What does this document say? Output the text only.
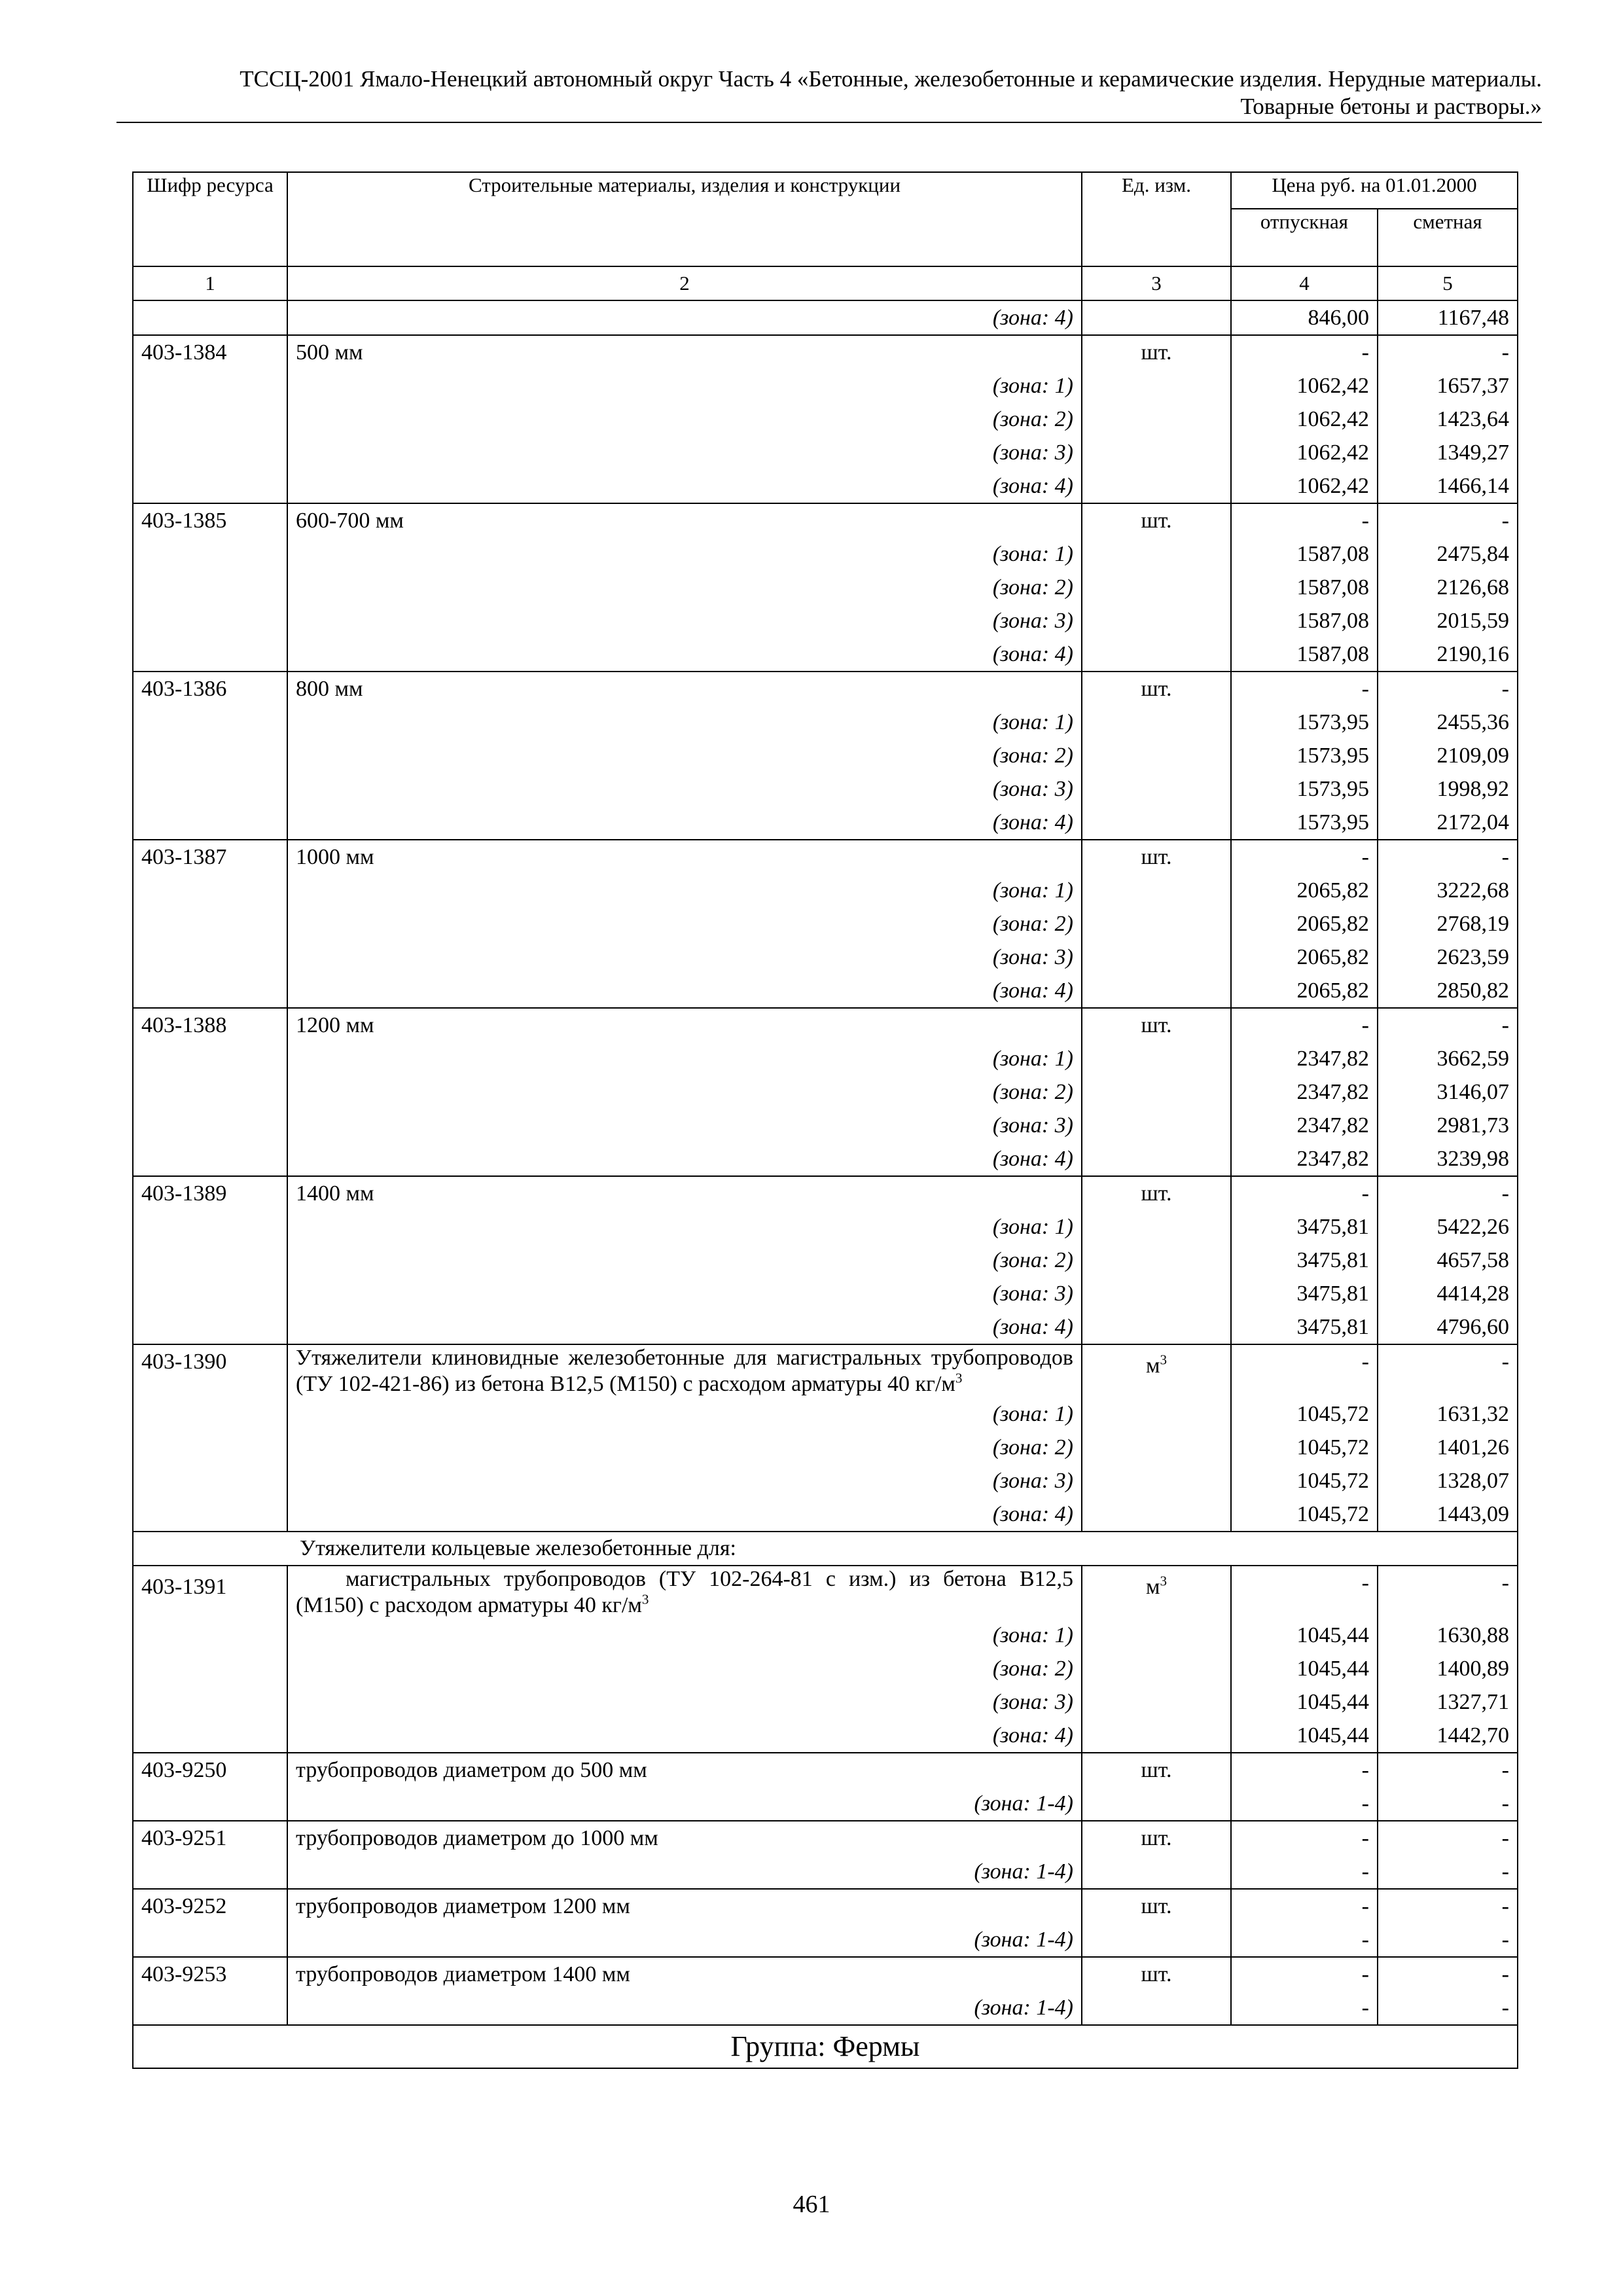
ТССЦ-2001 Ямало-Ненецкий автономный округ Часть 4 «Бетонные, железобетонные и керамические изделия. Нерудные материалы.
Товарные бетоны и растворы.»
Шифр ресурса	Строительные материалы, изделия и конструкции	Ед. изм.	Цена руб. на 01.01.2000	
			отпускная	сметная
1	2	3	4	5
	(зона: 4)		846,00	1167,48
403-1384	500 мм	шт.	-	-
	(зона: 1)		1062,42	1657,37
	(зона: 2)		1062,42	1423,64
	(зона: 3)		1062,42	1349,27
	(зона: 4)		1062,42	1466,14
403-1385	600-700 мм	шт.	-	-
	(зона: 1)		1587,08	2475,84
	(зона: 2)		1587,08	2126,68
	(зона: 3)		1587,08	2015,59
	(зона: 4)		1587,08	2190,16
403-1386	800 мм	шт.	-	-
	(зона: 1)		1573,95	2455,36
	(зона: 2)		1573,95	2109,09
	(зона: 3)		1573,95	1998,92
	(зона: 4)		1573,95	2172,04
403-1387	1000 мм	шт.	-	-
	(зона: 1)		2065,82	3222,68
	(зона: 2)		2065,82	2768,19
	(зона: 3)		2065,82	2623,59
	(зона: 4)		2065,82	2850,82
403-1388	1200 мм	шт.	-	-
	(зона: 1)		2347,82	3662,59
	(зона: 2)		2347,82	3146,07
	(зона: 3)		2347,82	2981,73
	(зона: 4)		2347,82	3239,98
403-1389	1400 мм	шт.	-	-
	(зона: 1)		3475,81	5422,26
	(зона: 2)		3475,81	4657,58
	(зона: 3)		3475,81	4414,28
	(зона: 4)		3475,81	4796,60
403-1390	Утяжелители клиновидные железобетонные для магистральных трубопроводов (ТУ 102-421-86) из бетона В12,5 (М150) с расходом арматуры 40 $кг/м^3$	$м^3$	-	-
	(зона: 1)		1045,72	1631,32
	(зона: 2)		1045,72	1401,26
	(зона: 3)		1045,72	1328,07
	(зона: 4)		1045,72	1443,09
Утяжелители кольцевые железобетонные для:				
403-1391	магистральных трубопроводов (ТУ 102-264-81 с изм.) из бетона В12,5 (М150) с расходом арматуры 40 $кг/м^3$	$м^3$	-	-
	(зона: 1)		1045,44	1630,88
	(зона: 2)		1045,44	1400,89
	(зона: 3)		1045,44	1327,71
	(зона: 4)		1045,44	1442,70
403-9250	трубопроводов диаметром до 500 мм	шт.	-	-
	(зона: 1-4)		-	-
403-9251	трубопроводов диаметром до 1000 мм	шт.	-	-
	(зона: 1-4)		-	-
403-9252	трубопроводов диаметром 1200 мм	шт.	-	-
	(зона: 1-4)		-	-
403-9253	трубопроводов диаметром 1400 мм	шт.	-	-
	(зона: 1-4)		-	-
Группа: Фермы				
461
